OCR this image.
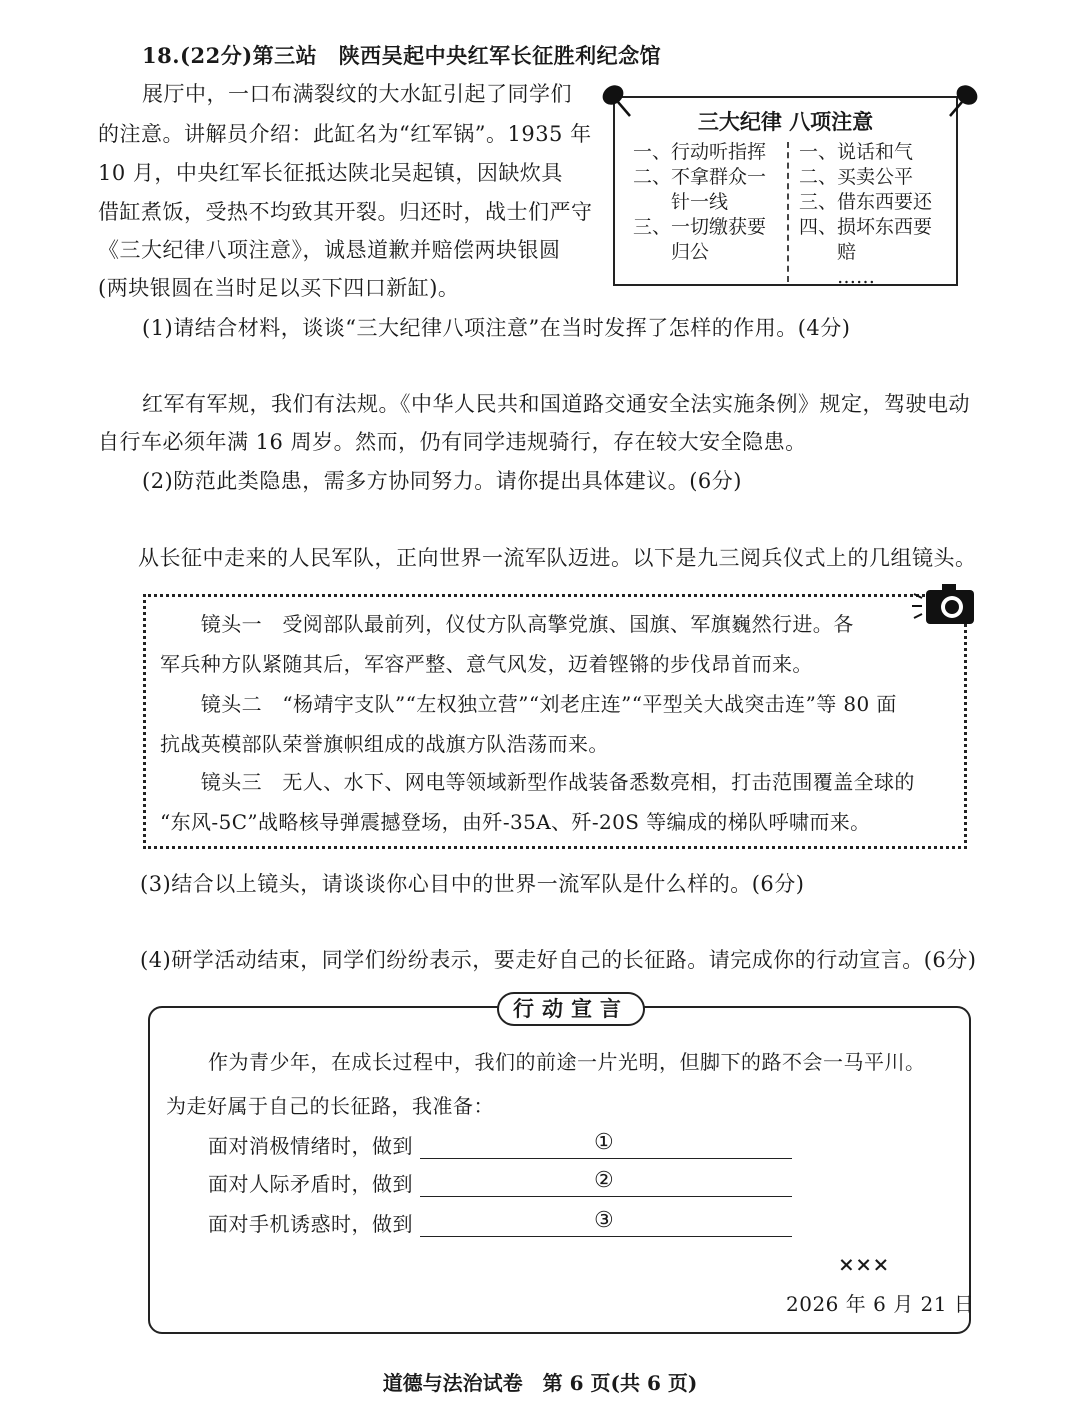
18.(22分)第三站　陕西吴起中央红军长征胜利纪念馆
展厅中，一口布满裂纹的大水缸引起了同学们
的注意。讲解员介绍：此缸名为“红军锅”。1935 年
10 月，中央红军长征抵达陕北吴起镇，因缺炊具
借缸煮饭，受热不均致其开裂。归还时，战士们严守
《三大纪律八项注意》，诚恳道歉并赔偿两块银圆
(两块银圆在当时足以买下四口新缸)。
三大纪律 八项注意
一、行动听指挥
二、不拿群众一
　　针一线
三、一切缴获要
　　归公
一、说话和气
二、买卖公平
三、借东西要还
四、损坏东西要
　　赔
　　……
(1)请结合材料，谈谈“三大纪律八项注意”在当时发挥了怎样的作用。(4分)
红军有军规，我们有法规。《中华人民共和国道路交通安全法实施条例》规定，驾驶电动
自行车必须年满 16 周岁。然而，仍有同学违规骑行，存在较大安全隐患。
(2)防范此类隐患，需多方协同努力。请你提出具体建议。(6分)
从长征中走来的人民军队，正向世界一流军队迈进。以下是九三阅兵仪式上的几组镜头。
　　镜头一　受阅部队最前列，仪仗方队高擎党旗、国旗、军旗巍然行进。各
军兵种方队紧随其后，军容严整、意气风发，迈着铿锵的步伐昂首而来。
　　镜头二　“杨靖宇支队”“左权独立营”“刘老庄连”“平型关大战突击连”等 80 面
抗战英模部队荣誉旗帜组成的战旗方队浩荡而来。
　　镜头三　无人、水下、网电等领域新型作战装备悉数亮相，打击范围覆盖全球的
“东风-5C”战略核导弹震撼登场，由歼-35A、歼-20S 等编成的梯队呼啸而来。
(3)结合以上镜头，请谈谈你心目中的世界一流军队是什么样的。(6分)
(4)研学活动结束，同学们纷纷表示，要走好自己的长征路。请完成你的行动宣言。(6分)
行动宣言
作为青少年，在成长过程中，我们的前途一片光明，但脚下的路不会一马平川。
为走好属于自己的长征路，我准备：
面对消极情绪时，做到	①
面对人际矛盾时，做到	②
面对手机诱惑时，做到	③
×××
2026 年 6 月 21 日
道德与法治试卷　第 6 页(共 6 页)
